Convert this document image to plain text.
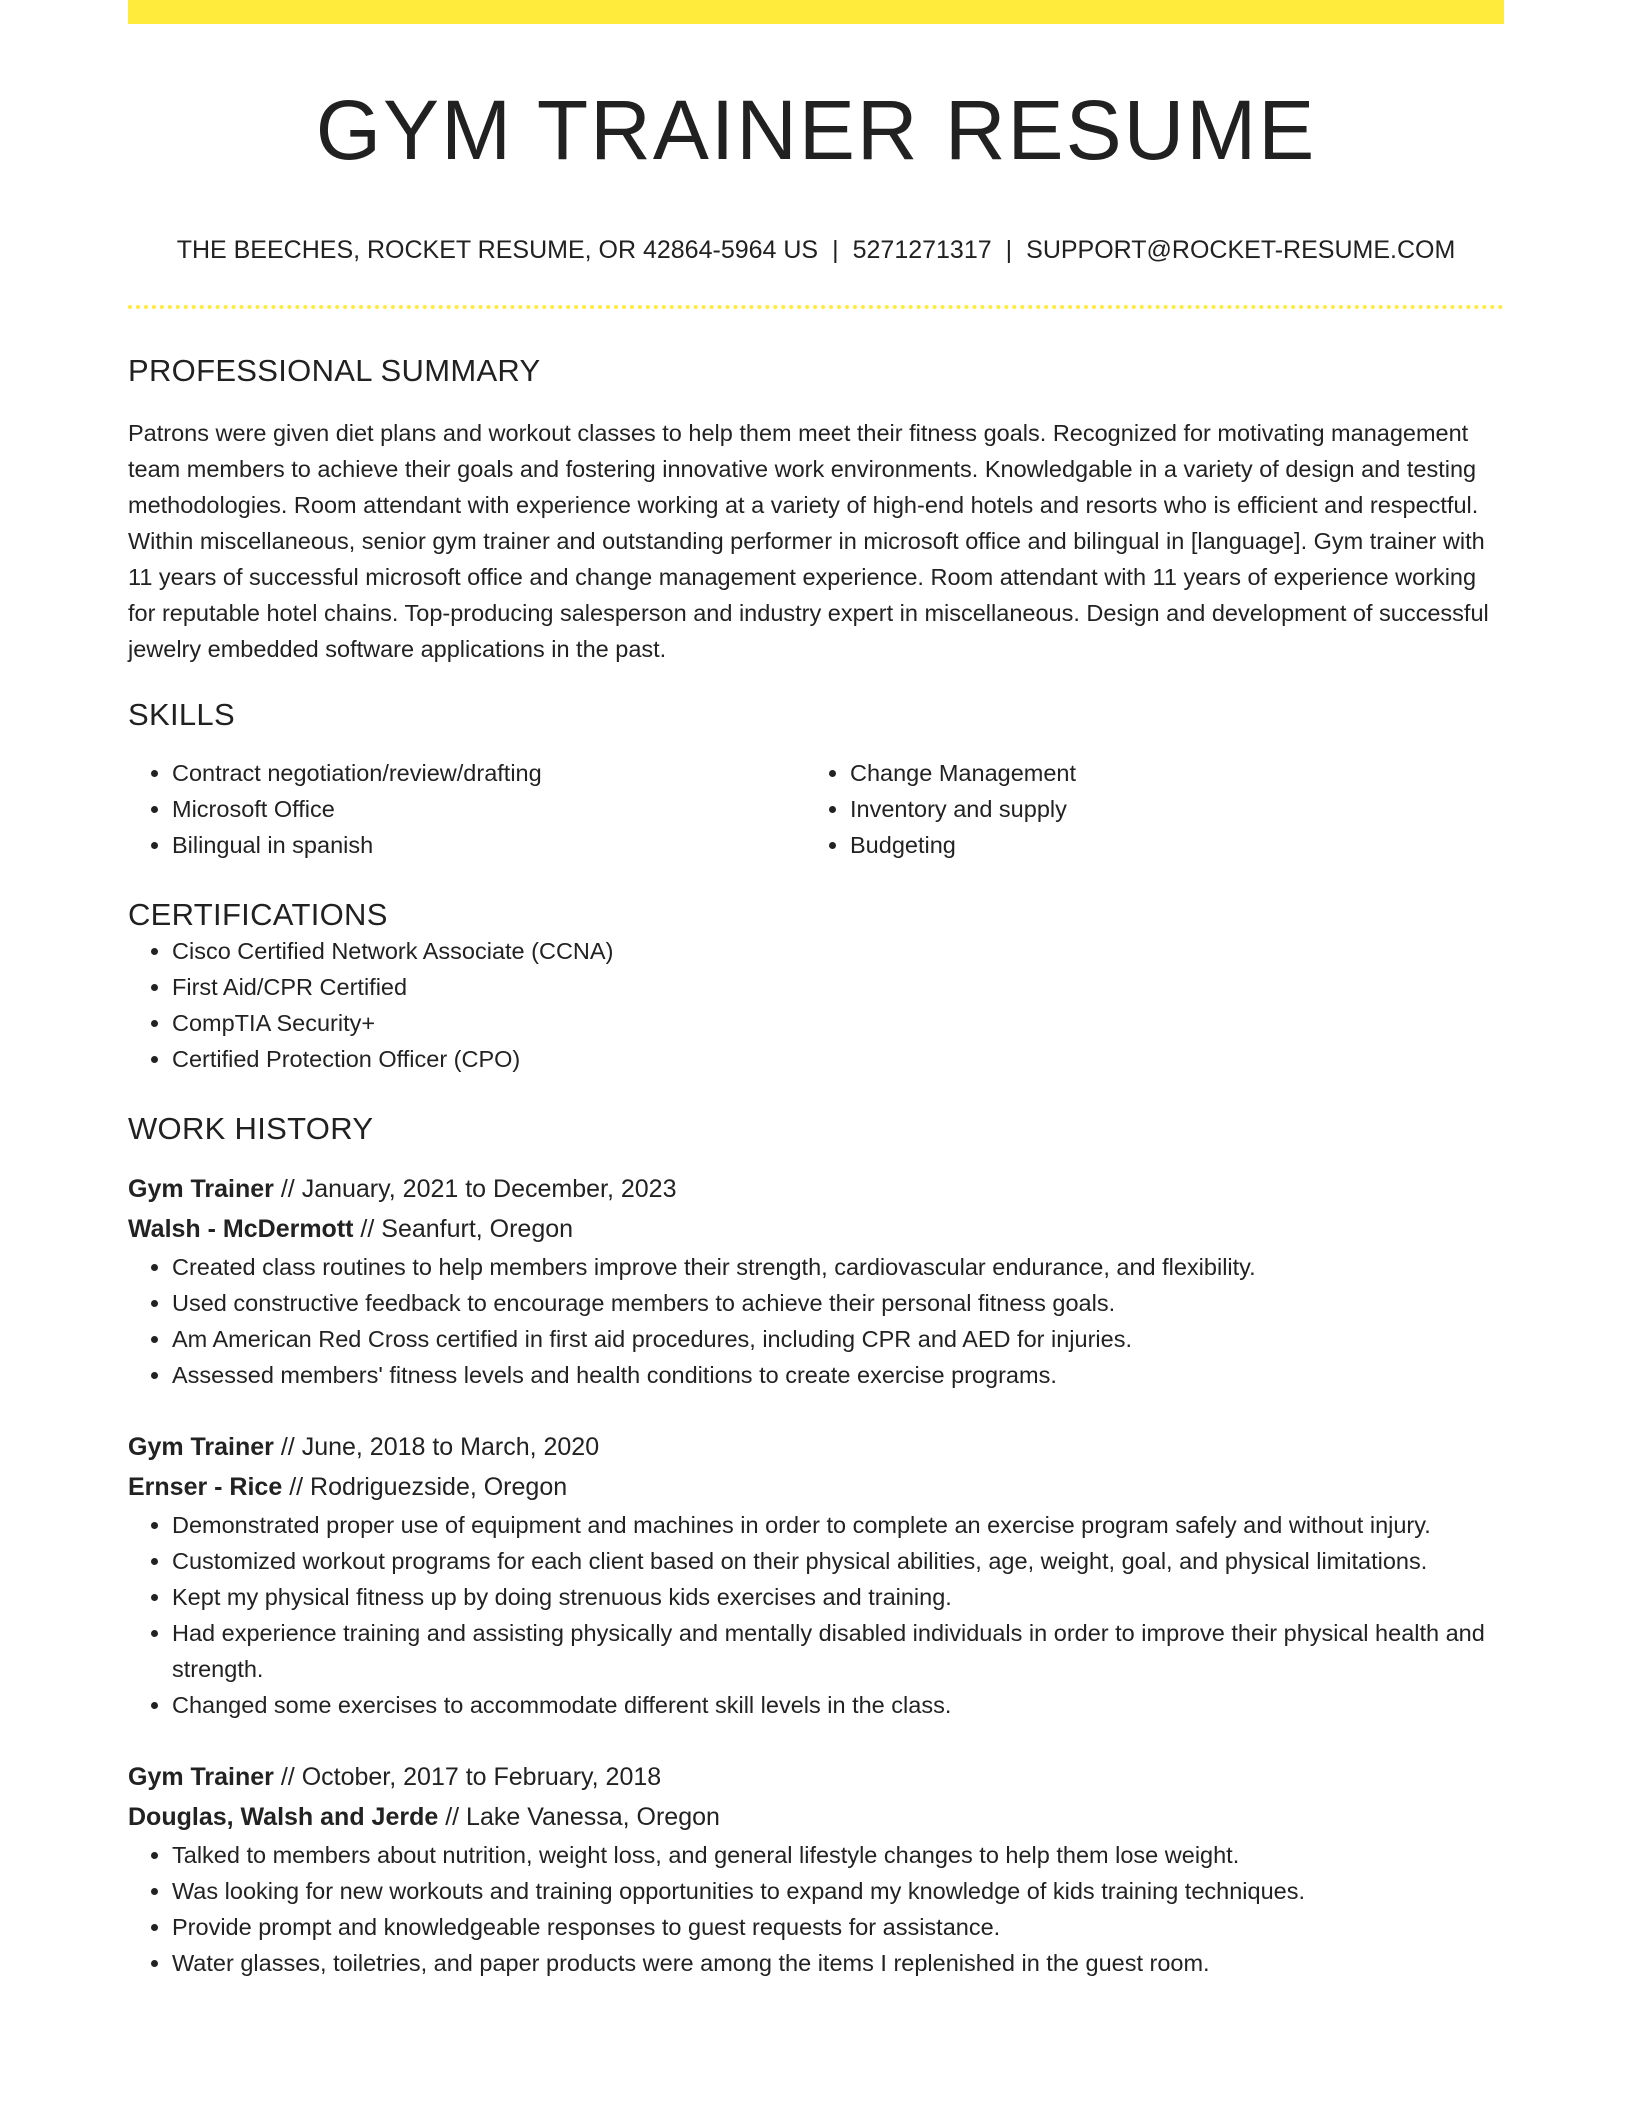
GYM TRAINER RESUME
THE BEECHES, ROCKET RESUME, OR 42864-5964 US | 5271271317 | SUPPORT@ROCKET-RESUME.COM
PROFESSIONAL SUMMARY

Patrons were given diet plans and workout classes to help them meet their fitness goals. Recognized for motivating management team members to achieve their goals and fostering innovative work environments. Knowledgable in a variety of design and testing methodologies. Room attendant with experience working at a variety of high-end hotels and resorts who is efficient and respectful. Within miscellaneous, senior gym trainer and outstanding performer in microsoft office and bilingual in [language]. Gym trainer with 11 years of successful microsoft office and change management experience. Room attendant with 11 years of experience working for reputable hotel chains. Top-producing salesperson and industry expert in miscellaneous. Design and development of successful jewelry embedded software applications in the past.

SKILLS
• Contract negotiation/review/drafting
• Microsoft Office
• Bilingual in spanish
• Change Management
• Inventory and supply
• Budgeting
CERTIFICATIONS
• Cisco Certified Network Associate (CCNA)
• First Aid/CPR Certified
• CompTIA Security+
• Certified Protection Officer (CPO)
WORK HISTORY
Gym Trainer // January, 2021 to December, 2023
Walsh - McDermott // Seanfurt, Oregon
• Created class routines to help members improve their strength, cardiovascular endurance, and flexibility.
• Used constructive feedback to encourage members to achieve their personal fitness goals.
• Am American Red Cross certified in first aid procedures, including CPR and AED for injuries.
• Assessed members' fitness levels and health conditions to create exercise programs.
Gym Trainer // June, 2018 to March, 2020
Ernser - Rice // Rodriguezside, Oregon
• Demonstrated proper use of equipment and machines in order to complete an exercise program safely and without injury.
• Customized workout programs for each client based on their physical abilities, age, weight, goal, and physical limitations.
• Kept my physical fitness up by doing strenuous kids exercises and training.
• Had experience training and assisting physically and mentally disabled individuals in order to improve their physical health and strength.
• Changed some exercises to accommodate different skill levels in the class.
Gym Trainer // October, 2017 to February, 2018
Douglas, Walsh and Jerde // Lake Vanessa, Oregon
• Talked to members about nutrition, weight loss, and general lifestyle changes to help them lose weight.
• Was looking for new workouts and training opportunities to expand my knowledge of kids training techniques.
• Provide prompt and knowledgeable responses to guest requests for assistance.
• Water glasses, toiletries, and paper products were among the items I replenished in the guest room.
